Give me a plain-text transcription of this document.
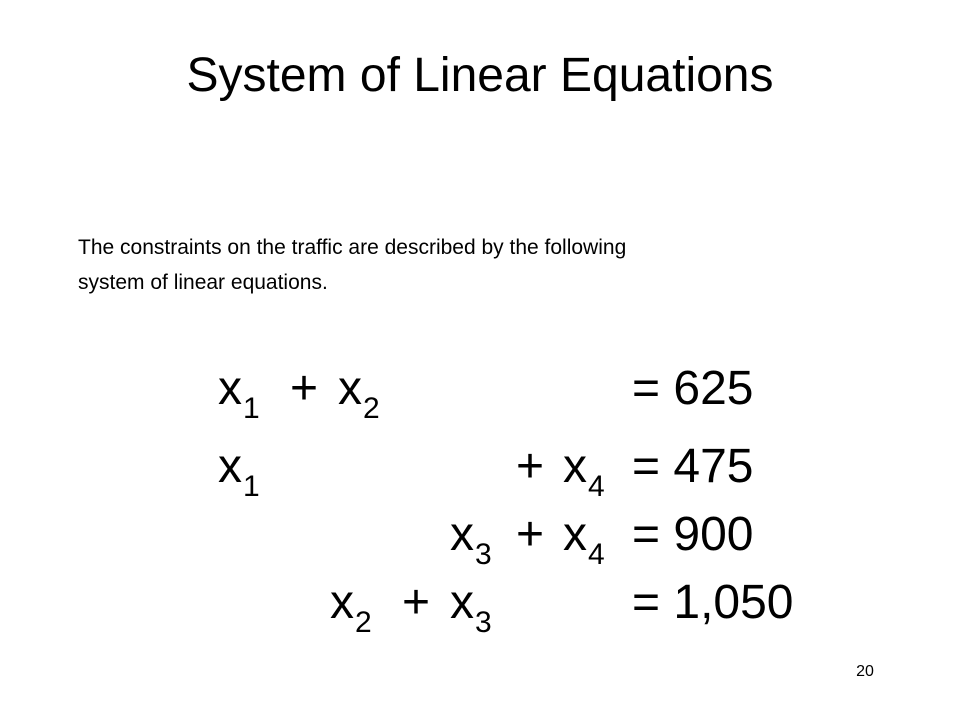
System of Linear Equations
The constraints on the traffic are described by the following
system of linear equations.
$x_1 + x_2$	= 625
$x_1$	+ $x_4 = 475$
$x_3 + x_4 = 900$
$x_2 + x_3$	= 1,050
20
